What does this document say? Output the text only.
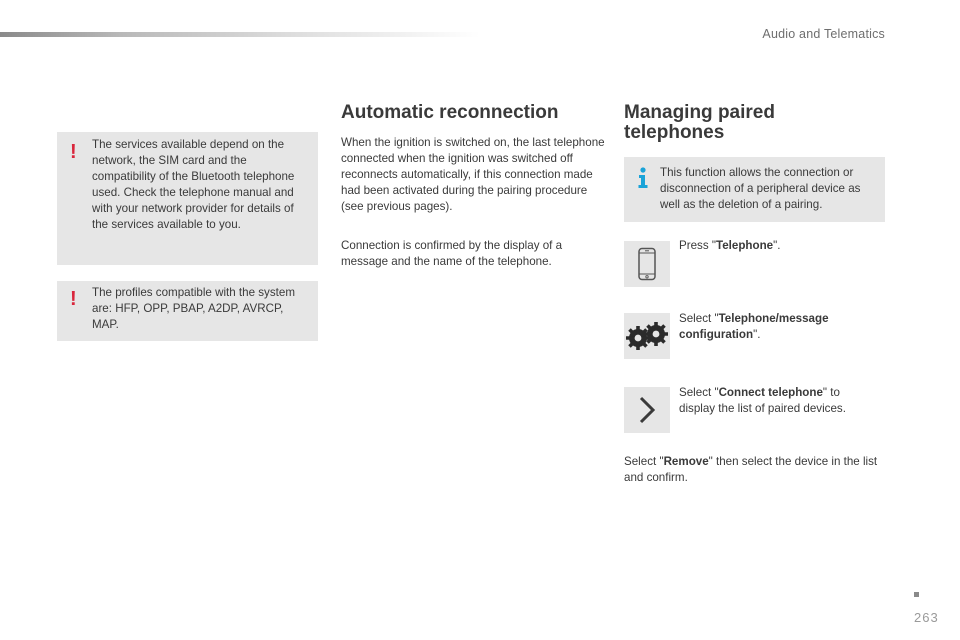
Audio and Telematics
! The services available depend on the network, the SIM card and the compatibility of the Bluetooth telephone used. Check the telephone manual and with your network provider for details of the services available to you.
! The profiles compatible with the system are: HFP, OPP, PBAP, A2DP, AVRCP, MAP.
Automatic reconnection
When the ignition is switched on, the last telephone connected when the ignition was switched off reconnects automatically, if this connection made had been activated during the pairing procedure (see previous pages).
Connection is confirmed by the display of a message and the name of the telephone.
Managing paired
telephones
This function allows the connection or disconnection of a peripheral device as well as the deletion of a pairing.
Press "Telephone".
Select "Telephone/message configuration".
Select "Connect telephone" to display the list of paired devices.
Select "Remove" then select the device in the list and confirm.
263
